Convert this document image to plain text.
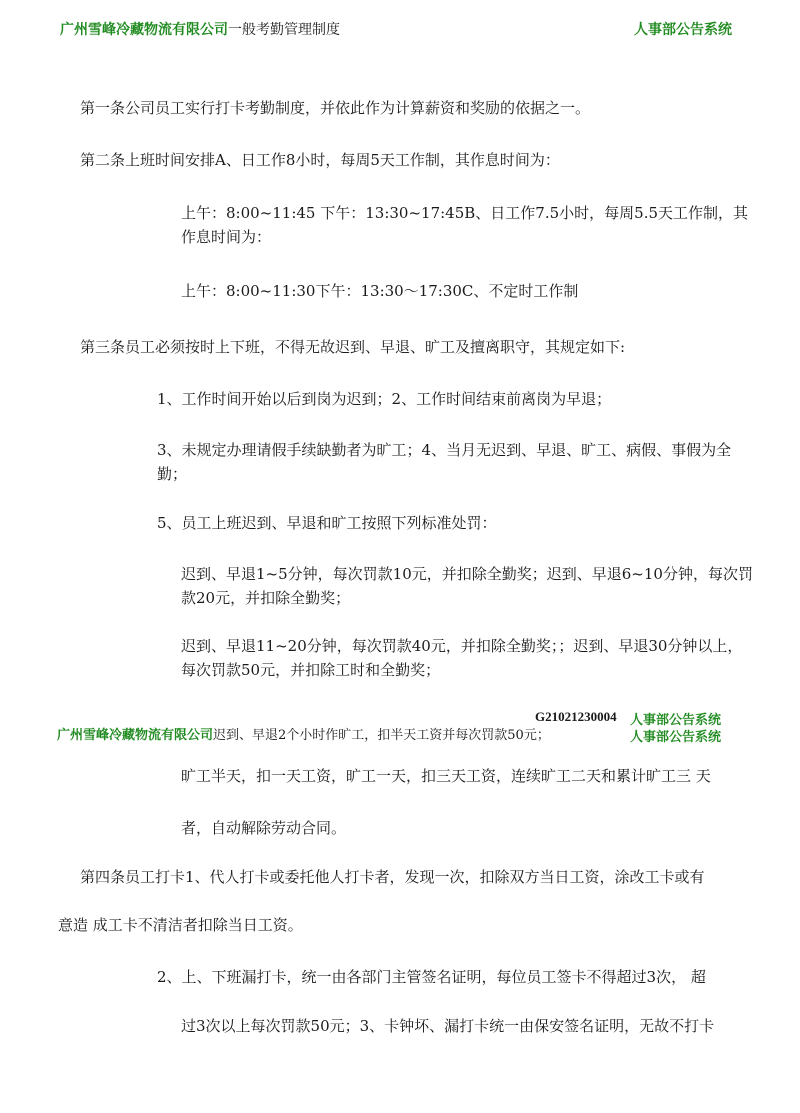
广州雪峰冷藏物流有限公司一般考勤管理制度	人事部公告系统
第一条公司员工实行打卡考勤制度，并依此作为计算薪资和奖励的依据之一。
第二条上班时间安排A、日工作8小时，每周5天工作制，其作息时间为：
上午：8:00~11:45 下午：13:30~17:45B、日工作7.5小时，每周5.5天工作制，其作息时间为：
上午：8:00~11:30下午：13:30〜17:30C、不定时工作制
第三条员工必须按时上下班，不得无故迟到、早退、旷工及擅离职守，其规定如下:
1、工作时间开始以后到岗为迟到；2、工作时间结束前离岗为早退；
3、未规定办理请假手续缺勤者为旷工；4、当月无迟到、早退、旷工、病假、事假为全勤；
5、员工上班迟到、早退和旷工按照下列标准处罚：
迟到、早退1~5分钟，每次罚款10元，并扣除全勤奖；迟到、早退6~10分钟，每次罚款20元，并扣除全勤奖；
迟到、早退11~20分钟，每次罚款40元，并扣除全勤奖；；迟到、早退30分钟以上，每次罚款50元，并扣除工时和全勤奖；
G21021230004 人事部公告系统
广州雪峰冷藏物流有限公司迟到、早退2个小时作旷工，扣半天工资并每次罚款50元；	人事部公告系统
旷工半天，扣一天工资，旷工一天，扣三天工资，连续旷工二天和累计旷工三 天
者，自动解除劳动合同。
第四条员工打卡1、代人打卡或委托他人打卡者，发现一次，扣除双方当日工资，涂改工卡或有
意造 成工卡不清洁者扣除当日工资。
2、上、下班漏打卡，统一由各部门主管签名证明，每位员工签卡不得超过3次， 超
过3次以上每次罚款50元；3、卡钟坏、漏打卡统一由保安签名证明，无故不打卡
